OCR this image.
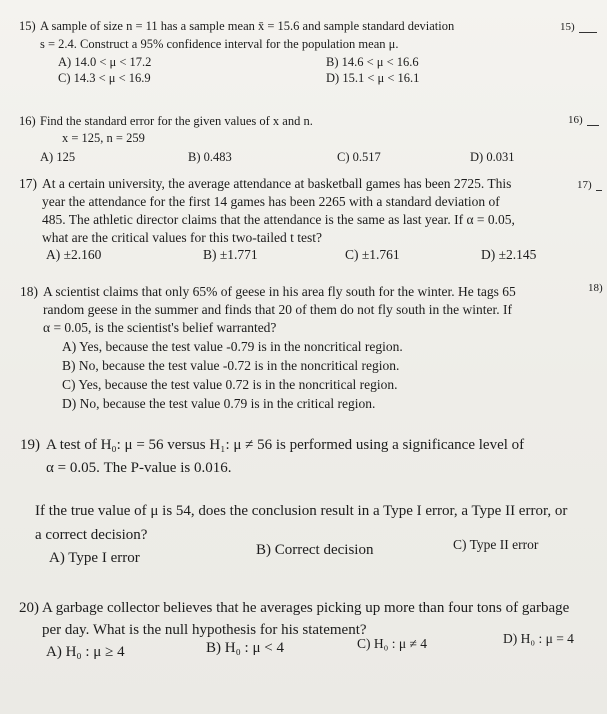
15) A sample of size n = 11 has a sample mean x̄ = 15.6 and sample standard deviation
s = 2.4. Construct a 95% confidence interval for the population mean μ.
A) 14.0 < μ < 17.2	B) 14.6 < μ < 16.6
C) 14.3 < μ < 16.9	D) 15.1 < μ < 16.1
15)
16) Find the standard error for the given values of x and n.
x = 125, n = 259
A) 125	B) 0.483	C) 0.517	D) 0.031
16)
17) At a certain university, the average attendance at basketball games has been 2725. This
year the attendance for the first 14 games has been 2265 with a standard deviation of
485. The athletic director claims that the attendance is the same as last year. If α = 0.05,
what are the critical values for this two-tailed t test?
A) ±2.160	B) ±1.771	C) ±1.761	D) ±2.145
17)
18) A scientist claims that only 65% of geese in his area fly south for the winter. He tags 65
random geese in the summer and finds that 20 of them do not fly south in the winter. If
α = 0.05, is the scientist's belief warranted?
A) Yes, because the test value -0.79 is in the noncritical region.
B) No, because the test value -0.72 is in the noncritical region.
C) Yes, because the test value 0.72 is in the noncritical region.
D) No, because the test value 0.79 is in the critical region.
18)
19) A test of H₀: μ = 56 versus H₁: μ ≠ 56 is performed using a significance level of
α = 0.05. The P-value is 0.016.
If the true value of μ is 54, does the conclusion result in a Type I error, a Type II error, or
a correct decision?
A) Type I error	B) Correct decision	C) Type II error
20) A garbage collector believes that he averages picking up more than four tons of garbage
per day. What is the null hypothesis for his statement?
A) H₀ : μ ≥ 4	B) H₀ : μ < 4	C) H₀ : μ ≠ 4	D) H₀ : μ = 4
